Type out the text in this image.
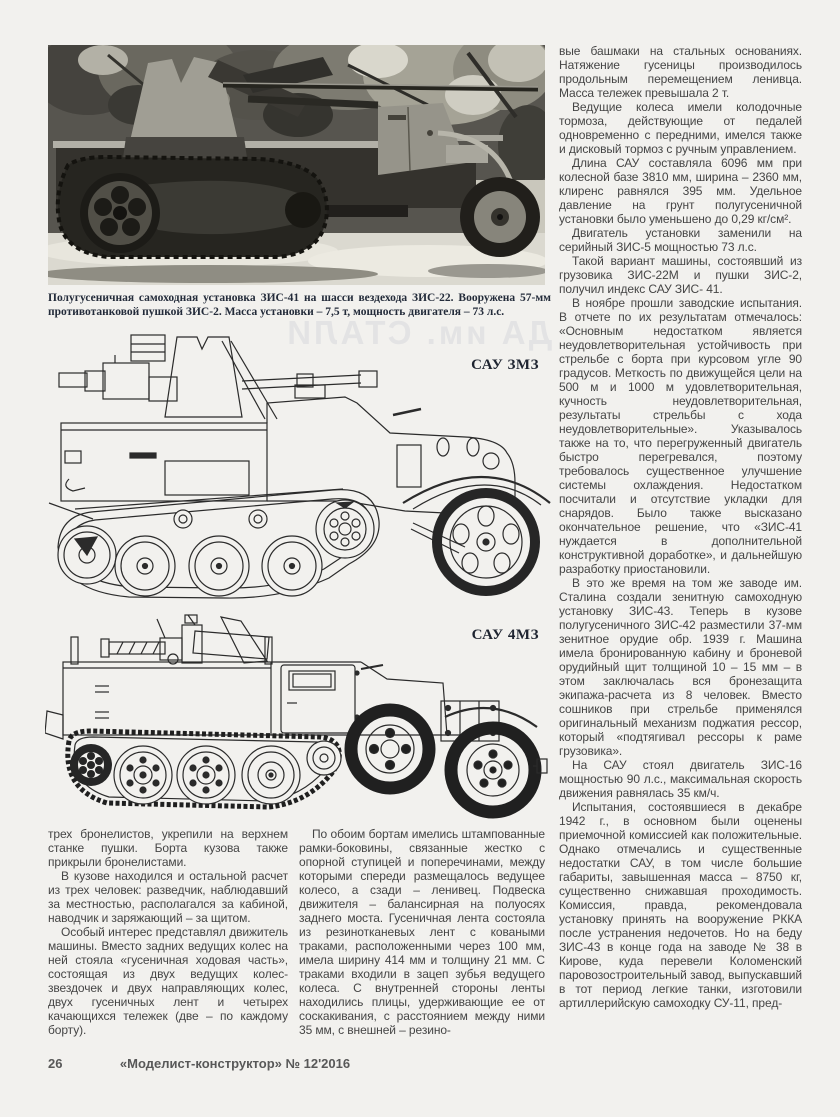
Полугусеничная самоходная установка ЗИС-41 на шасси вездехода ЗИС-22. Вооружена 57-мм противотанковой пушкой ЗИС-2. Масса установки – 7,5 т, мощность двигателя – 73 л.с.
ДА им. СТАЛИ
САУ ЗМЗ
САУ 4МЗ

вые башмаки на стальных основаниях. Натяжение гусеницы производилось продольным перемещением ленивца. Масса тележек превышала 2 т.

Ведущие колеса имели колодочные тормоза, действующие от педалей одновременно с передними, имелся также и дисковый тормоз с ручным управлением.

Длина САУ составляла 6096 мм при колесной базе 3810 мм, ширина – 2360 мм, клиренс равнялся 395 мм. Удельное давление на грунт полугусеничной установки было уменьшено до 0,29 кг/см².

Двигатель установки заменили на серийный ЗИС-5 мощностью 73 л.с.

Такой вариант машины, состоявший из грузовика ЗИС-22М и пушки ЗИС-2, получил индекс САУ ЗИС- 41.

В ноябре прошли заводские испытания. В отчете по их результатам отмечалось: «Основным недостатком является неудовлетворительная устойчивость при стрельбе с борта при курсовом угле 90 градусов. Меткость по движущейся цели на 500 м и 1000 м удовлетворительная, кучность неудовлетворительная, результаты стрельбы с хода неудовлетворительные». Указывалось также на то, что перегруженный двигатель быстро перегревался, поэтому требовалось существенное улучшение системы охлаждения. Недостатком посчитали и отсутствие укладки для снарядов. Было также высказано окончательное решение, что «ЗИС-41 нуждается в дополнительной конструктивной доработке», и дальнейшую разработку приостановили.

В это же время на том же заводе им. Сталина создали зенитную самоходную установку ЗИС-43. Теперь в кузове полугусеничного ЗИС-42 разместили 37-мм зенитное орудие обр. 1939 г. Машина имела бронированную кабину и броневой орудийный щит толщиной 10 – 15 мм – в этом заключалась вся бронезащита экипажа-расчета из 8 человек. Вместо сошников при стрельбе применялся оригинальный механизм поджатия рессор, который «подтягивал рессоры к раме грузовика».

На САУ стоял двигатель ЗИС-16 мощностью 90 л.с., максимальная скорость движения равнялась 35 км/ч.

Испытания, состоявшиеся в декабре 1942 г., в основном были оценены приемочной комиссией как положительные. Однако отмечались и существенные недостатки САУ, в том числе большие габариты, завышенная масса – 8750 кг, существенно снижавшая проходимость. Комиссия, правда, рекомендовала установку принять на вооружение РККА после устранения недочетов. Но на беду ЗИС-43 в конце года на заводе № 38 в Кирове, куда перевели Коломенский паровозостроительный завод, выпускавший в тот период легкие танки, изготовили артиллерийскую самоходку СУ-11, пред-

трех бронелистов, укрепили на верхнем станке пушки. Борта кузова также прикрыли бронелистами.

В кузове находился и остальной расчет из трех человек: разведчик, наблюдавший за местностью, располагался за кабиной, наводчик и заряжающий – за щитом.

Особый интерес представлял движитель машины. Вместо задних ведущих колес на ней стояла «гусеничная ходовая часть», состоящая из двух ведущих колес-звездочек и двух направляющих колес, двух гусеничных лент и четырех качающихся тележек (две – по каждому борту).

По обоим бортам имелись штампованные рамки-боковины, связанные жестко с опорной ступицей и поперечинами, между которыми спереди размещалось ведущее колесо, а сзади – ленивец. Подвеска движителя – балансирная на полуосях заднего моста. Гусеничная лента состояла из резинотканевых лент с коваными траками, расположенными через 100 мм, имела ширину 414 мм и толщину 21 мм. С траками входили в зацеп зубья ведущего колеса. С внутренней стороны ленты находились плицы, удерживающие ее от соскакивания, с расстоянием между ними 35 мм, с внешней – резино-

26	«Моделист-конструктор» № 12'2016
